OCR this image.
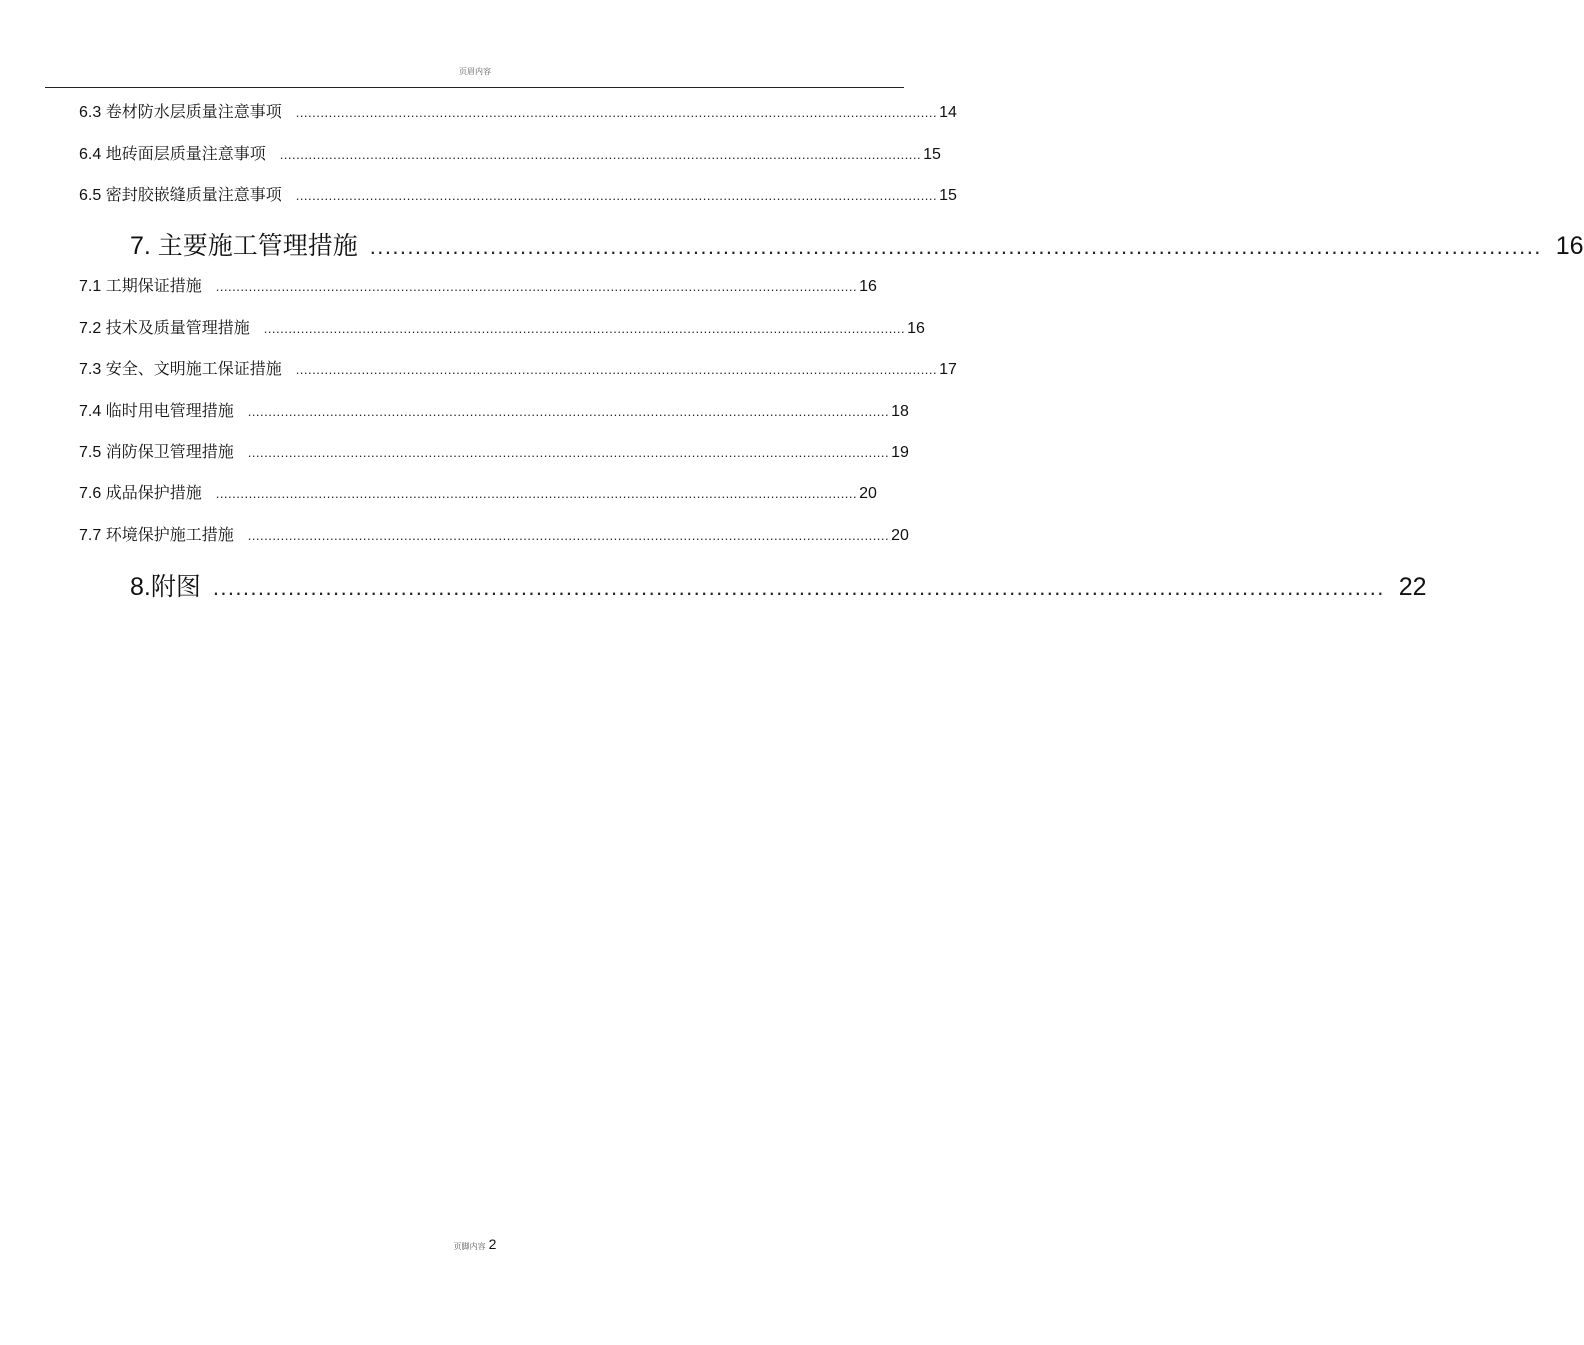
页眉内容
6.3 卷材防水层质量注意事项	............................................................................................................................................................ 14
6.4 地砖面层质量注意事项	............................................................................................................................................................ 15
6.5 密封胶嵌缝质量注意事项	............................................................................................................................................................ 15
7. 主要施工管理措施 ............................................................................................................................................................ 16
7.1 工期保证措施	............................................................................................................................................................ 16
7.2 技术及质量管理措施	............................................................................................................................................................ 16
7.3 安全、文明施工保证措施	............................................................................................................................................................ 17
7.4 临时用电管理措施	............................................................................................................................................................ 18
7.5 消防保卫管理措施	............................................................................................................................................................ 19
7.6 成品保护措施	............................................................................................................................................................ 20
7.7 环境保护施工措施	............................................................................................................................................................ 20
8.附图 ............................................................................................................................................................ 22
页脚内容 2
